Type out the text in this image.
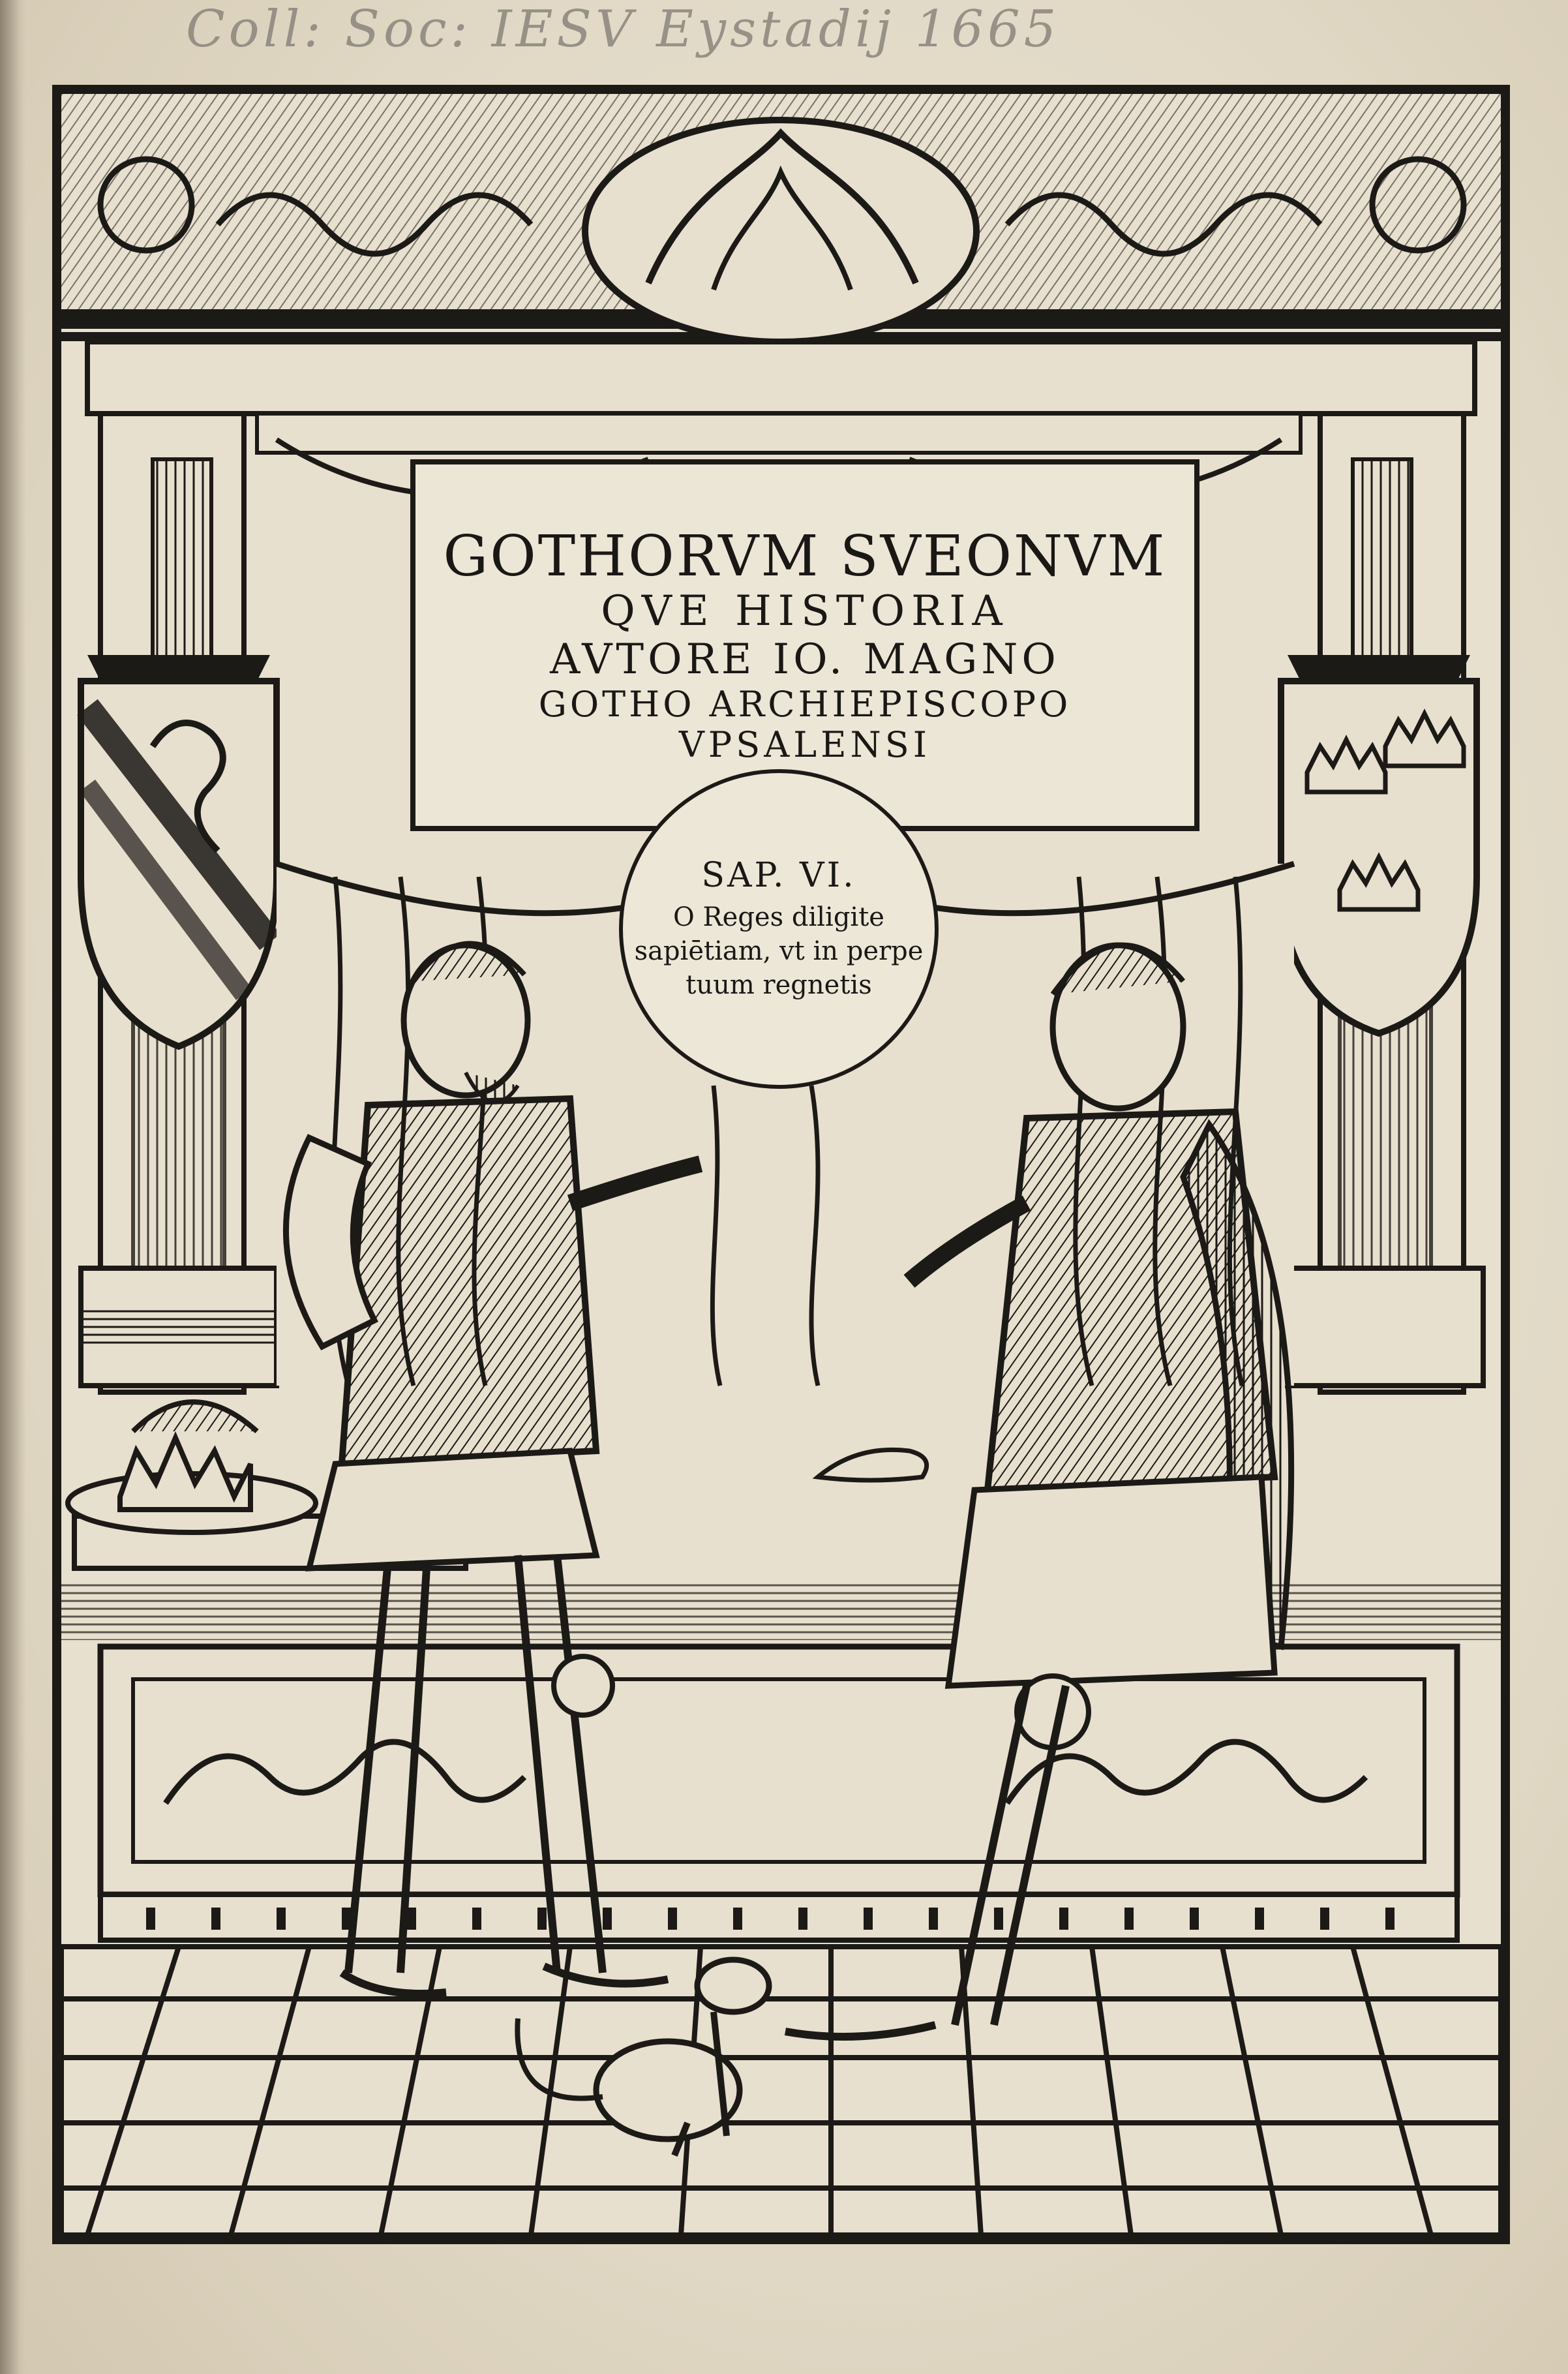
Coll: Soc: IESV Eystadij 1665
GOTHORVM SVEONVM
QVE HISTORIA
AVTORE IO. MAGNO
GOTHO ARCHIEPISCOPO
VPSALENSI
SAP. VI.
O Reges diligite
sapiētiam, vt in perpe
tuum regnetis
